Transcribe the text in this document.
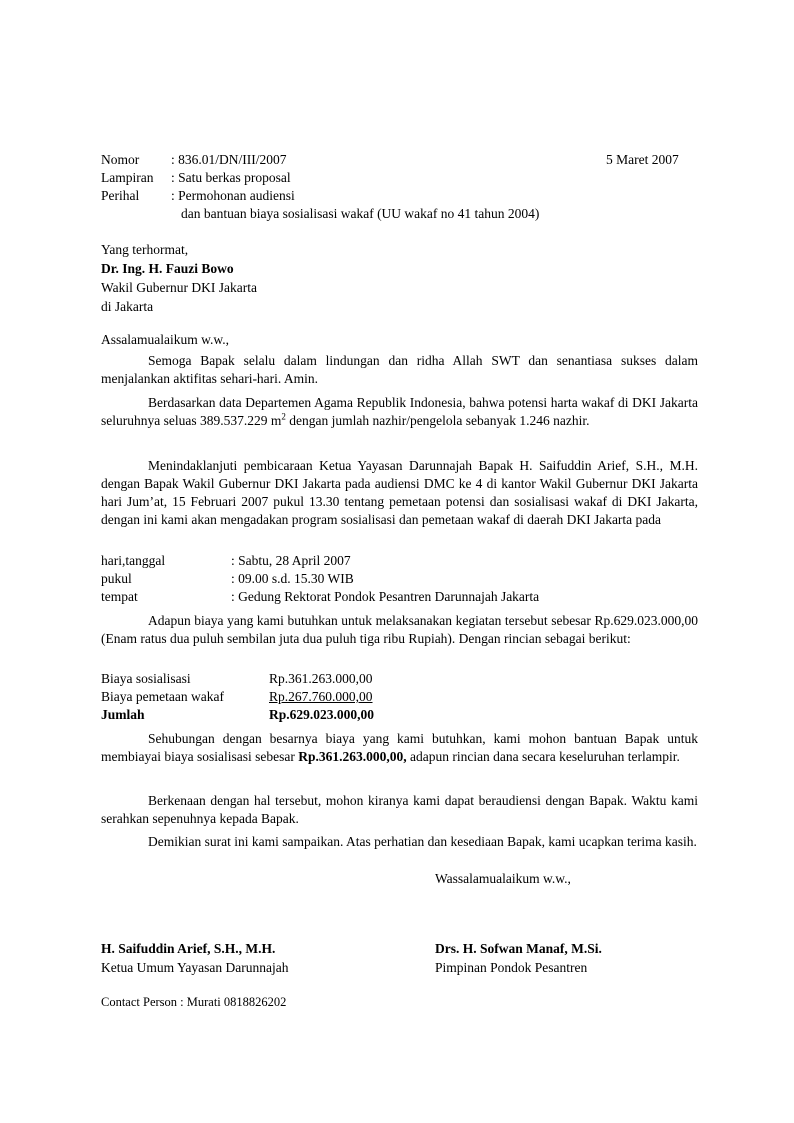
Nomor : 836.01/DN/III/2007	5 Maret 2007
Lampiran : Satu berkas proposal
Perihal : Permohonan audiensi
dan bantuan biaya sosialisasi wakaf (UU wakaf no 41 tahun 2004)
Yang terhormat,
Dr. Ing. H. Fauzi Bowo
Wakil Gubernur DKI Jakarta
di Jakarta
Assalamualaikum w.w.,
Semoga Bapak selalu dalam lindungan dan ridha Allah SWT dan senantiasa sukses dalam menjalankan aktifitas sehari-hari. Amin.
Berdasarkan data Departemen Agama Republik Indonesia, bahwa potensi harta wakaf di DKI Jakarta seluruhnya seluas 389.537.229 $m^2$ dengan jumlah nazhir/pengelola sebanyak 1.246 nazhir.
Menindaklanjuti pembicaraan Ketua Yayasan Darunnajah Bapak H. Saifuddin Arief, S.H., M.H. dengan Bapak Wakil Gubernur DKI Jakarta pada audiensi DMC ke 4 di kantor Wakil Gubernur DKI Jakarta hari Jum’at, 15 Februari 2007 pukul 13.30 tentang pemetaan potensi dan sosialisasi wakaf di DKI Jakarta, dengan ini kami akan mengadakan program sosialisasi dan pemetaan wakaf di daerah DKI Jakarta pada
hari,tanggal	: Sabtu, 28 April 2007
pukul	: 09.00 s.d. 15.30 WIB
tempat	: Gedung Rektorat Pondok Pesantren Darunnajah Jakarta
Adapun biaya yang kami butuhkan untuk melaksanakan kegiatan tersebut sebesar Rp.629.023.000,00 (Enam ratus dua puluh sembilan juta dua puluh tiga ribu Rupiah). Dengan rincian sebagai berikut:
Biaya sosialisasi	Rp.361.263.000,00
Biaya pemetaan wakaf	Rp.267.760.000,00
Jumlah	Rp.629.023.000,00
Sehubungan dengan besarnya biaya yang kami butuhkan, kami mohon bantuan Bapak untuk membiayai biaya sosialisasi sebesar Rp.361.263.000,00, adapun rincian dana secara keseluruhan terlampir.
Berkenaan dengan hal tersebut, mohon kiranya kami dapat beraudiensi dengan Bapak. Waktu kami serahkan sepenuhnya kepada Bapak.
Demikian surat ini kami sampaikan. Atas perhatian dan kesediaan Bapak, kami ucapkan terima kasih.
Wassalamualaikum w.w.,
H. Saifuddin Arief, S.H., M.H.
Ketua Umum Yayasan Darunnajah
Drs. H. Sofwan Manaf, M.Si.
Pimpinan Pondok Pesantren
Contact Person : Murati 0818826202
